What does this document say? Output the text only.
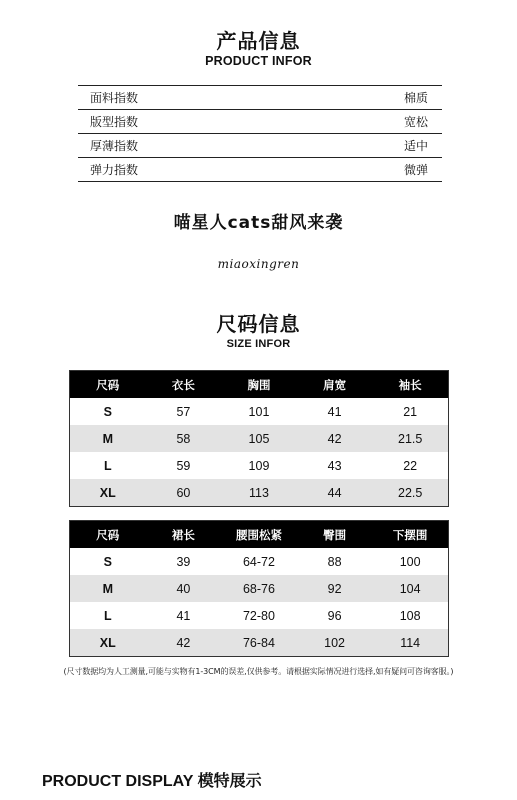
产品信息
PRODUCT INFOR
面料指数	棉质
版型指数	宽松
厚薄指数	适中
弹力指数	微弹
喵星人cats甜风来袭
miaoxingren
尺码信息
SIZE INFOR
尺码	衣长	胸围	肩宽	袖长
S	57	101	41	21
M	58	105	42	21.5
L	59	109	43	22
XL	60	113	44	22.5
尺码	裙长	腰围松紧	臀围	下摆围
S	39	64-72	88	100
M	40	68-76	92	104
L	41	72-80	96	108
XL	42	76-84	102	114
(尺寸数据均为人工测量,可能与实物有1-3CM的误差,仅供参考。请根据实际情况进行选择,如有疑问可咨询客服。)
PRODUCT DISPLAY 模特展示
